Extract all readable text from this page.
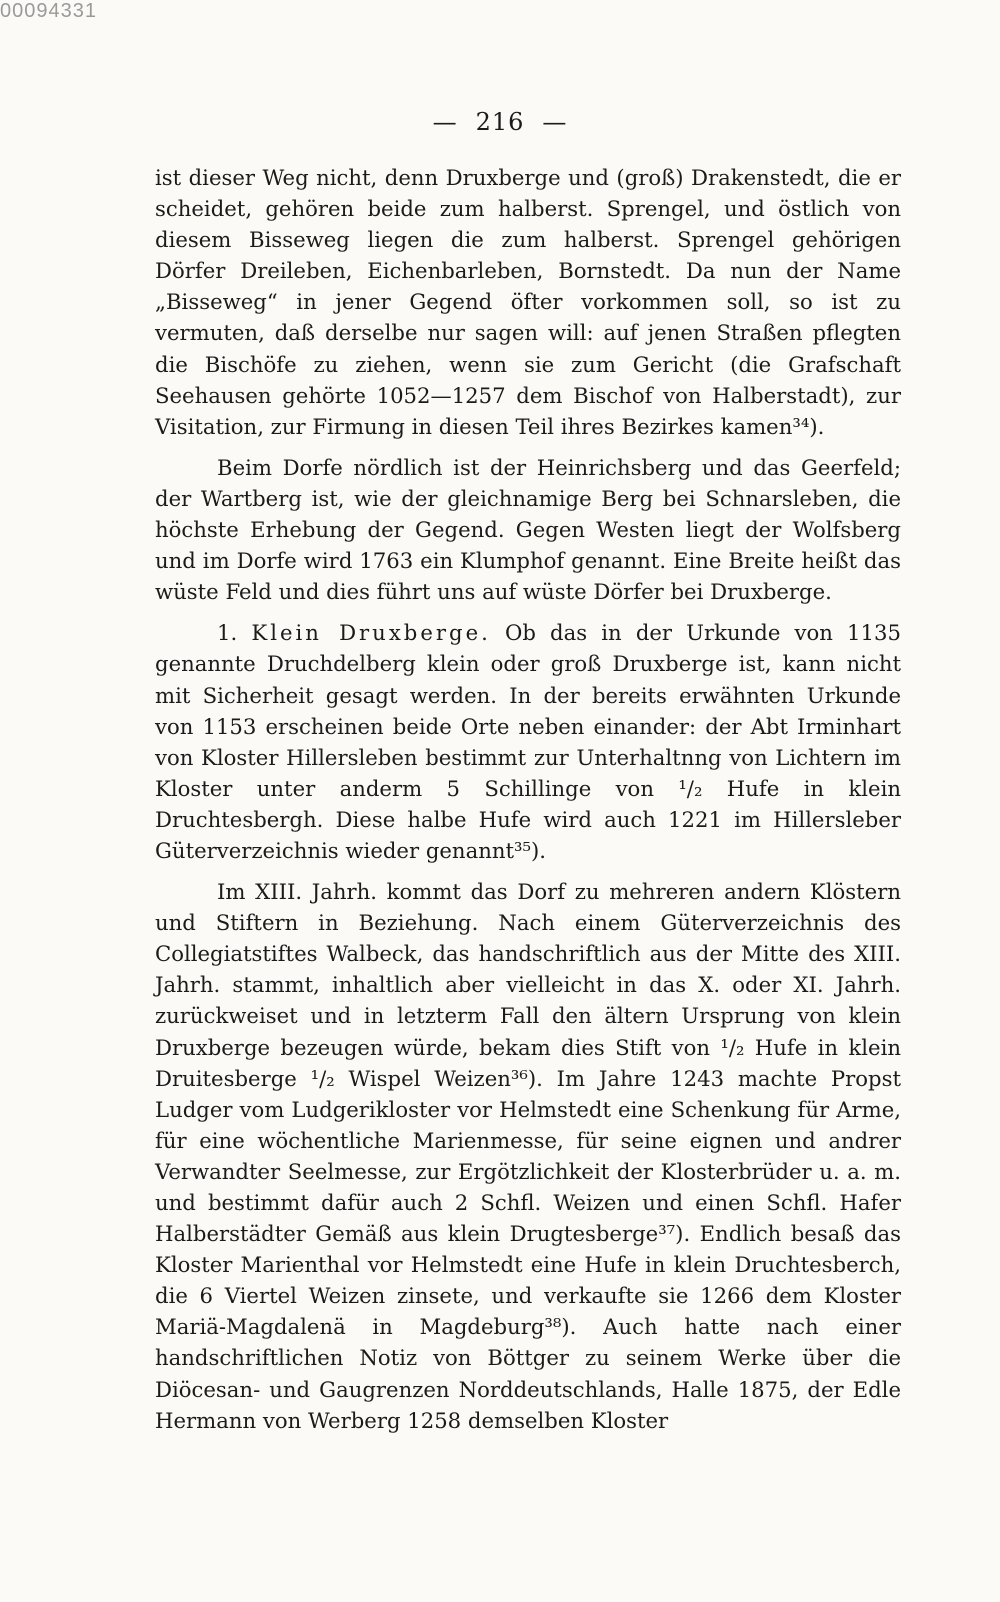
00094331
— 216 —

ist dieser Weg nicht, denn Druxberge und (groß) Drakenstedt, die er scheidet, gehören beide zum halberst. Sprengel, und östlich von diesem Bisseweg liegen die zum halberst. Sprengel gehörigen Dörfer Dreileben, Eichenbarleben, Bornstedt. Da nun der Name „Bisseweg“ in jener Gegend öfter vorkommen soll, so ist zu vermuten, daß derselbe nur sagen will: auf jenen Straßen pflegten die Bischöfe zu ziehen, wenn sie zum Gericht (die Grafschaft Seehausen gehörte 1052—1257 dem Bischof von Halberstadt), zur Visitation, zur Firmung in diesen Teil ihres Bezirkes kamen³⁴).

Beim Dorfe nördlich ist der Heinrichsberg und das Geerfeld; der Wartberg ist, wie der gleichnamige Berg bei Schnarsleben, die höchste Erhebung der Gegend. Gegen Westen liegt der Wolfsberg und im Dorfe wird 1763 ein Klumphof genannt. Eine Breite heißt das wüste Feld und dies führt uns auf wüste Dörfer bei Druxberge.

1. Klein Druxberge. Ob das in der Urkunde von 1135 genannte Druchdelberg klein oder groß Druxberge ist, kann nicht mit Sicherheit gesagt werden. In der bereits erwähnten Urkunde von 1153 erscheinen beide Orte neben einander: der Abt Irminhart von Kloster Hillersleben bestimmt zur Unterhaltnng von Lichtern im Kloster unter anderm 5 Schillinge von ¹/₂ Hufe in klein Druchtesbergh. Diese halbe Hufe wird auch 1221 im Hillersleber Güterverzeichnis wieder genannt³⁵).

Im XIII. Jahrh. kommt das Dorf zu mehreren andern Klöstern und Stiftern in Beziehung. Nach einem Güterverzeichnis des Collegiatstiftes Walbeck, das handschriftlich aus der Mitte des XIII. Jahrh. stammt, inhaltlich aber vielleicht in das X. oder XI. Jahrh. zurückweiset und in letzterm Fall den ältern Ursprung von klein Druxberge bezeugen würde, bekam dies Stift von ¹/₂ Hufe in klein Druitesberge ¹/₂ Wispel Weizen³⁶). Im Jahre 1243 machte Propst Ludger vom Ludgerikloster vor Helmstedt eine Schenkung für Arme, für eine wöchentliche Marienmesse, für seine eignen und andrer Verwandter Seelmesse, zur Ergötzlichkeit der Klosterbrüder u. a. m. und bestimmt dafür auch 2 Schfl. Weizen und einen Schfl. Hafer Halberstädter Gemäß aus klein Drugtesberge³⁷). Endlich besaß das Kloster Marienthal vor Helmstedt eine Hufe in klein Druchtesberch, die 6 Viertel Weizen zinsete, und verkaufte sie 1266 dem Kloster Mariä-Magdalenä in Magdeburg³⁸). Auch hatte nach einer handschriftlichen Notiz von Böttger zu seinem Werke über die Diöcesan- und Gaugrenzen Norddeutschlands, Halle 1875, der Edle Hermann von Werberg 1258 demselben Kloster
